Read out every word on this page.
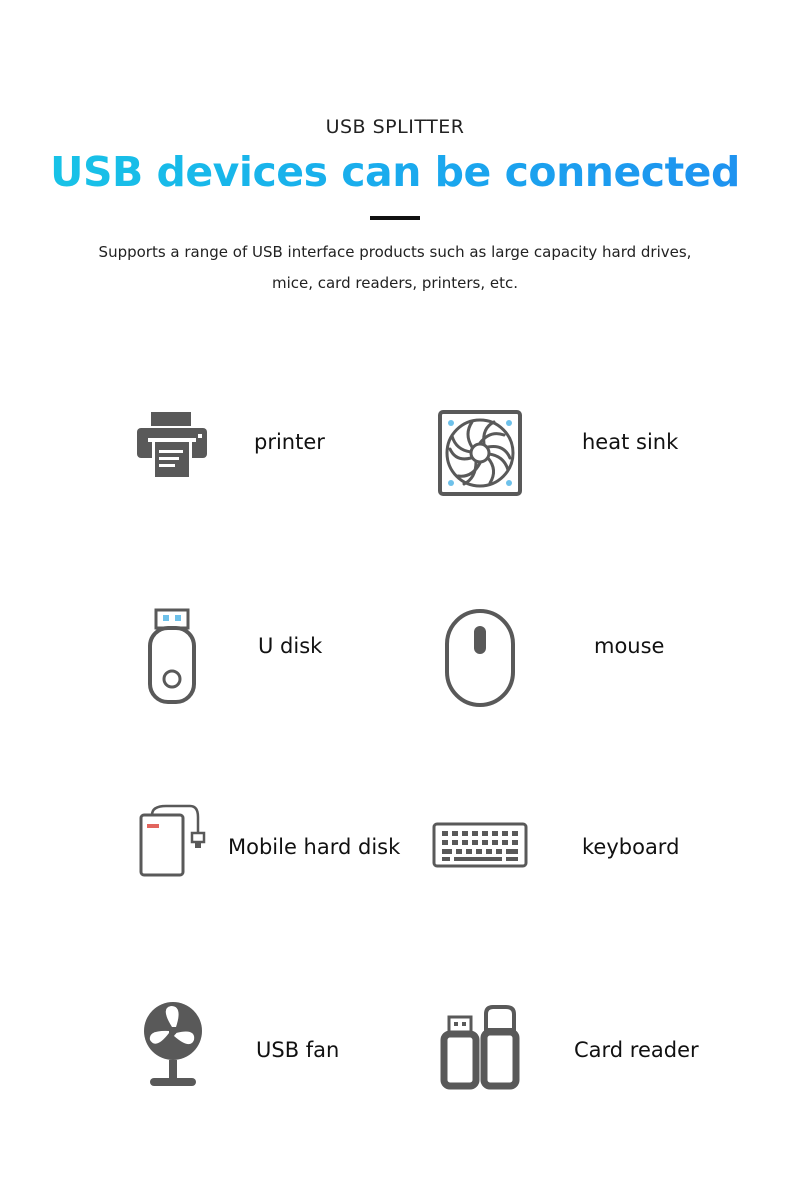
USB SPLITTER
USB devices can be connected
Supports a range of USB interface products such as large capacity hard drives, mice, card readers, printers, etc.
printer	heat sink
U disk	mouse
Mobile hard disk	keyboard
USB fan	Card reader
